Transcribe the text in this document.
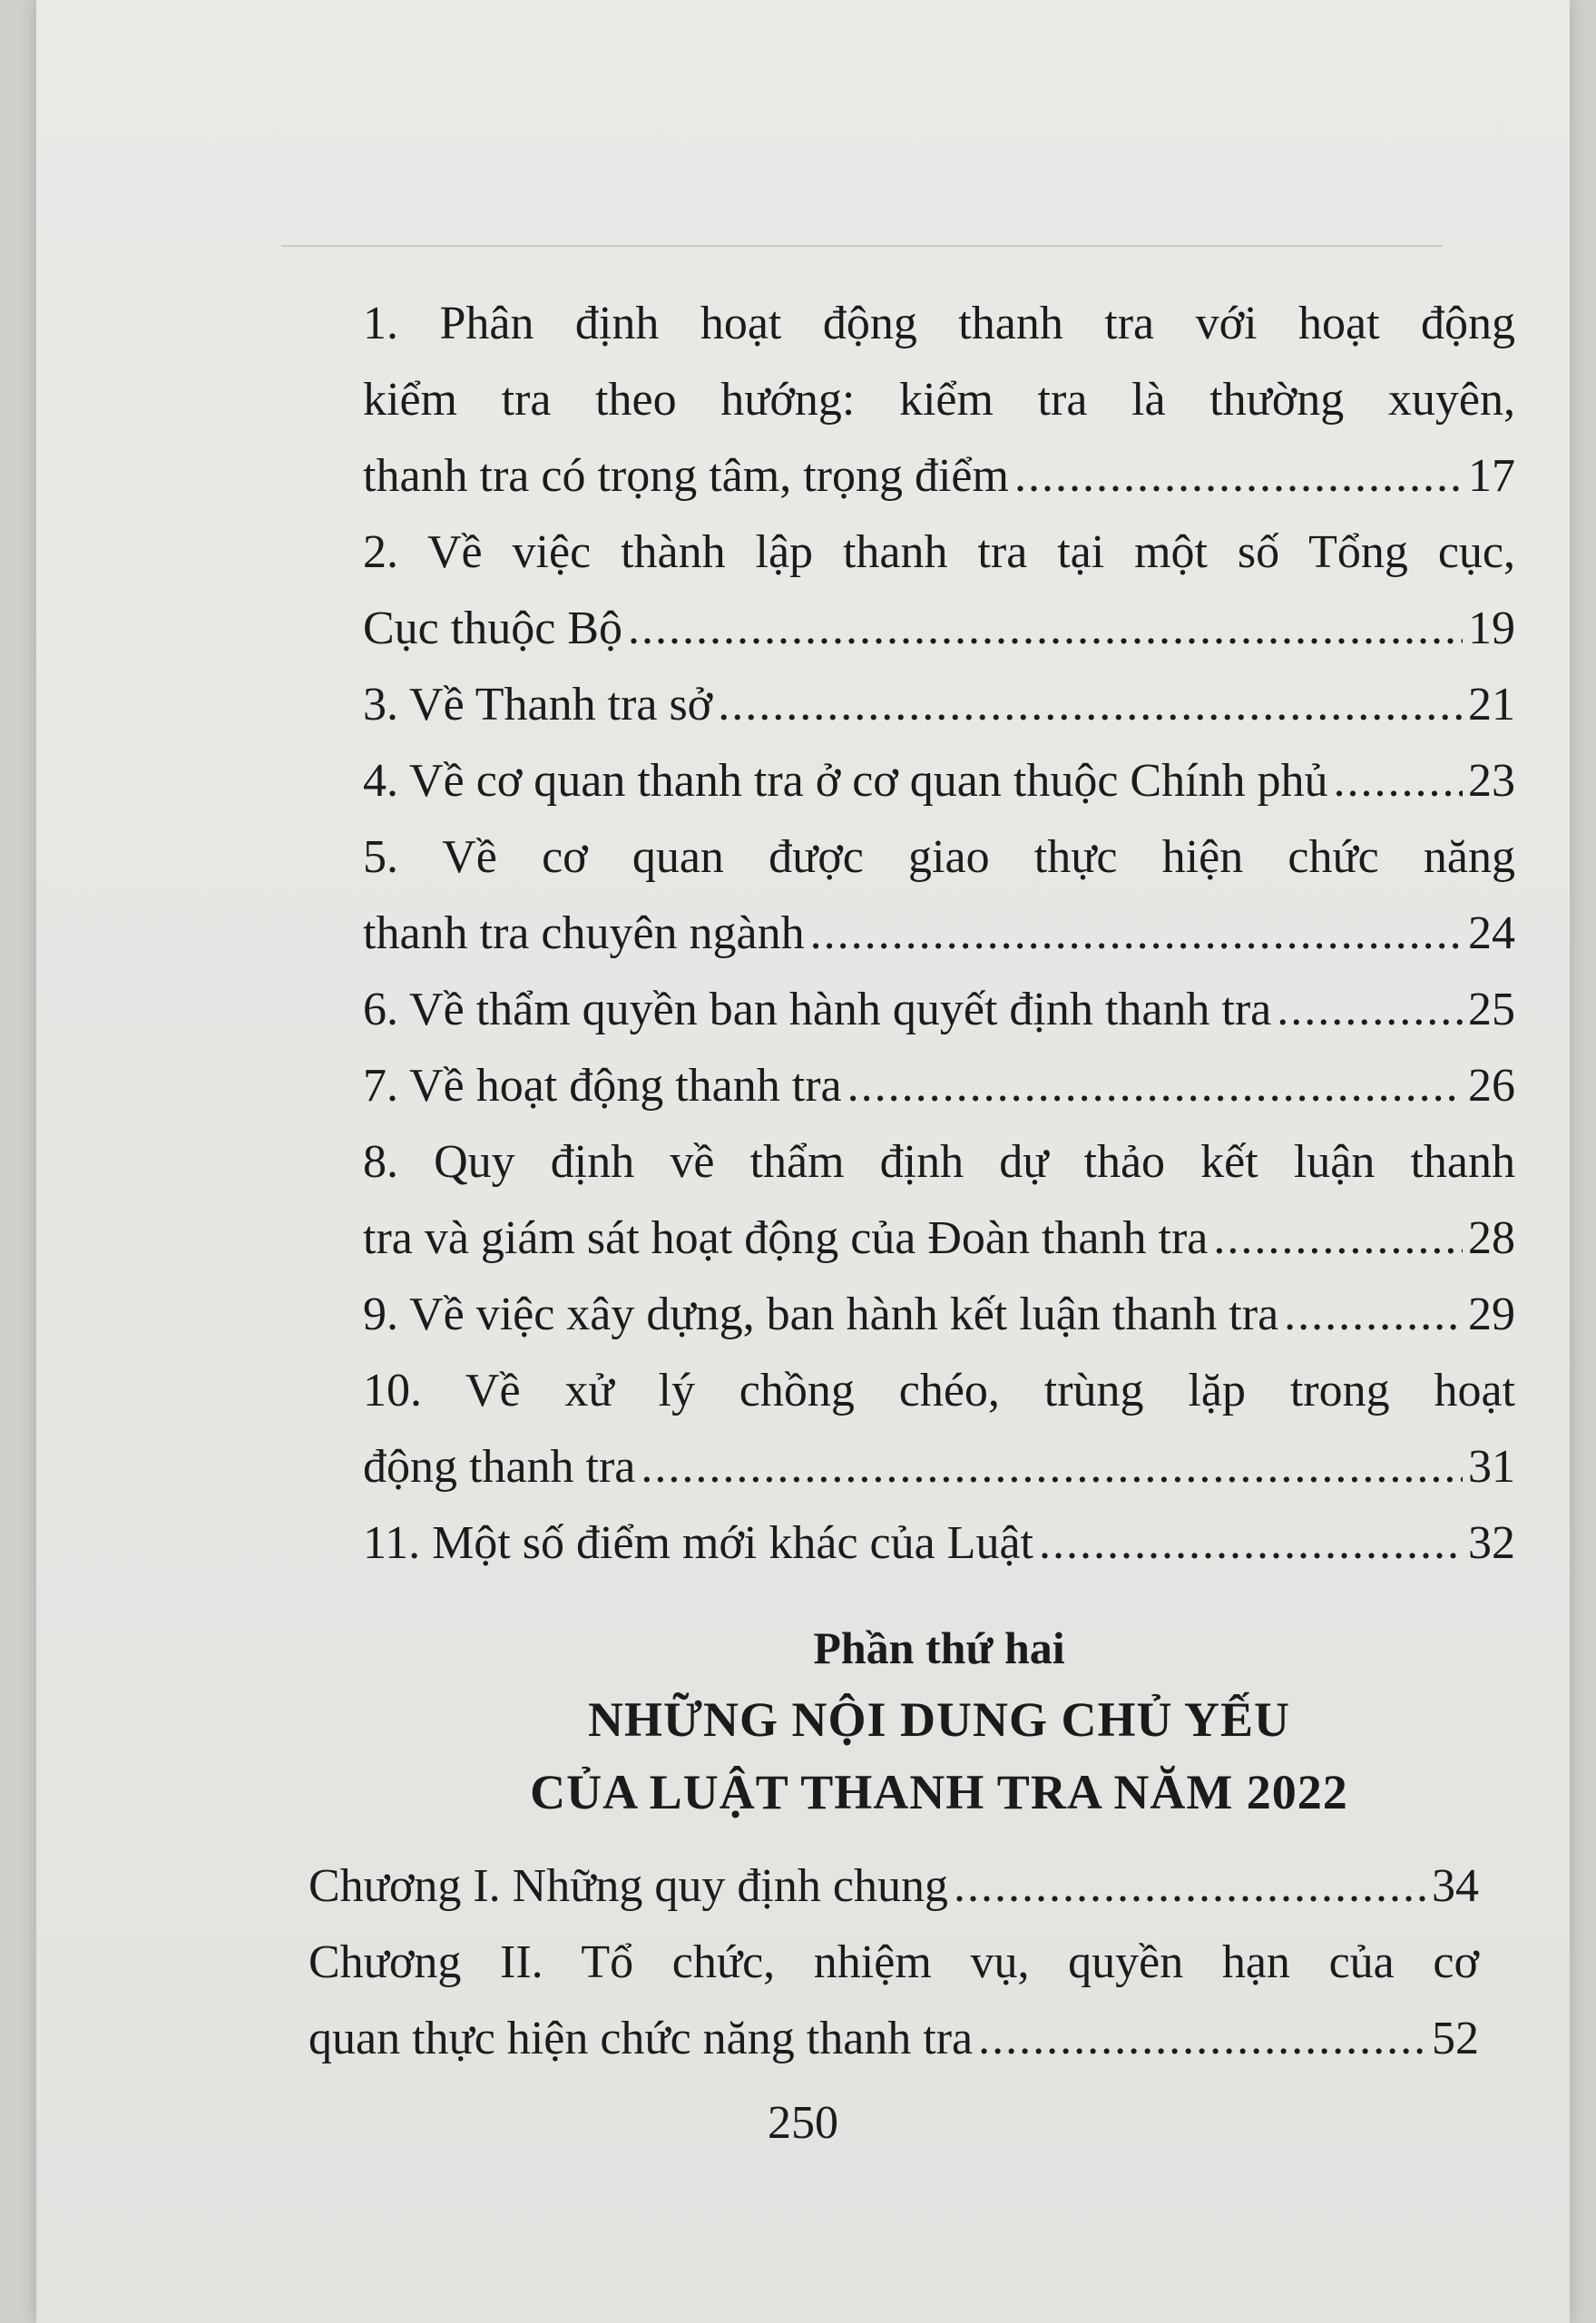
1. Phân định hoạt động thanh tra với hoạt động
kiểm tra theo hướng: kiểm tra là thường xuyên,
thanh tra có trọng tâm, trọng điểm .....	17
2. Về việc thành lập thanh tra tại một số Tổng cục,
Cục thuộc Bộ .....	19
3. Về Thanh tra sở .....	21
4. Về cơ quan thanh tra ở cơ quan thuộc Chính phủ .....	23
5. Về cơ quan được giao thực hiện chức năng
thanh tra chuyên ngành .....	24
6. Về thẩm quyền ban hành quyết định thanh tra .....	25
7. Về hoạt động thanh tra .....	26
8. Quy định về thẩm định dự thảo kết luận thanh
tra và giám sát hoạt động của Đoàn thanh tra .....	28
9. Về việc xây dựng, ban hành kết luận thanh tra .....	29
10. Về xử lý chồng chéo, trùng lặp trong hoạt
động thanh tra .....	31
11. Một số điểm mới khác của Luật .....	32
Phần thứ hai
NHỮNG NỘI DUNG CHỦ YẾU
CỦA LUẬT THANH TRA NĂM 2022
Chương I. Những quy định chung .....	34
Chương II. Tổ chức, nhiệm vụ, quyền hạn của cơ
quan thực hiện chức năng thanh tra .....	52
250
